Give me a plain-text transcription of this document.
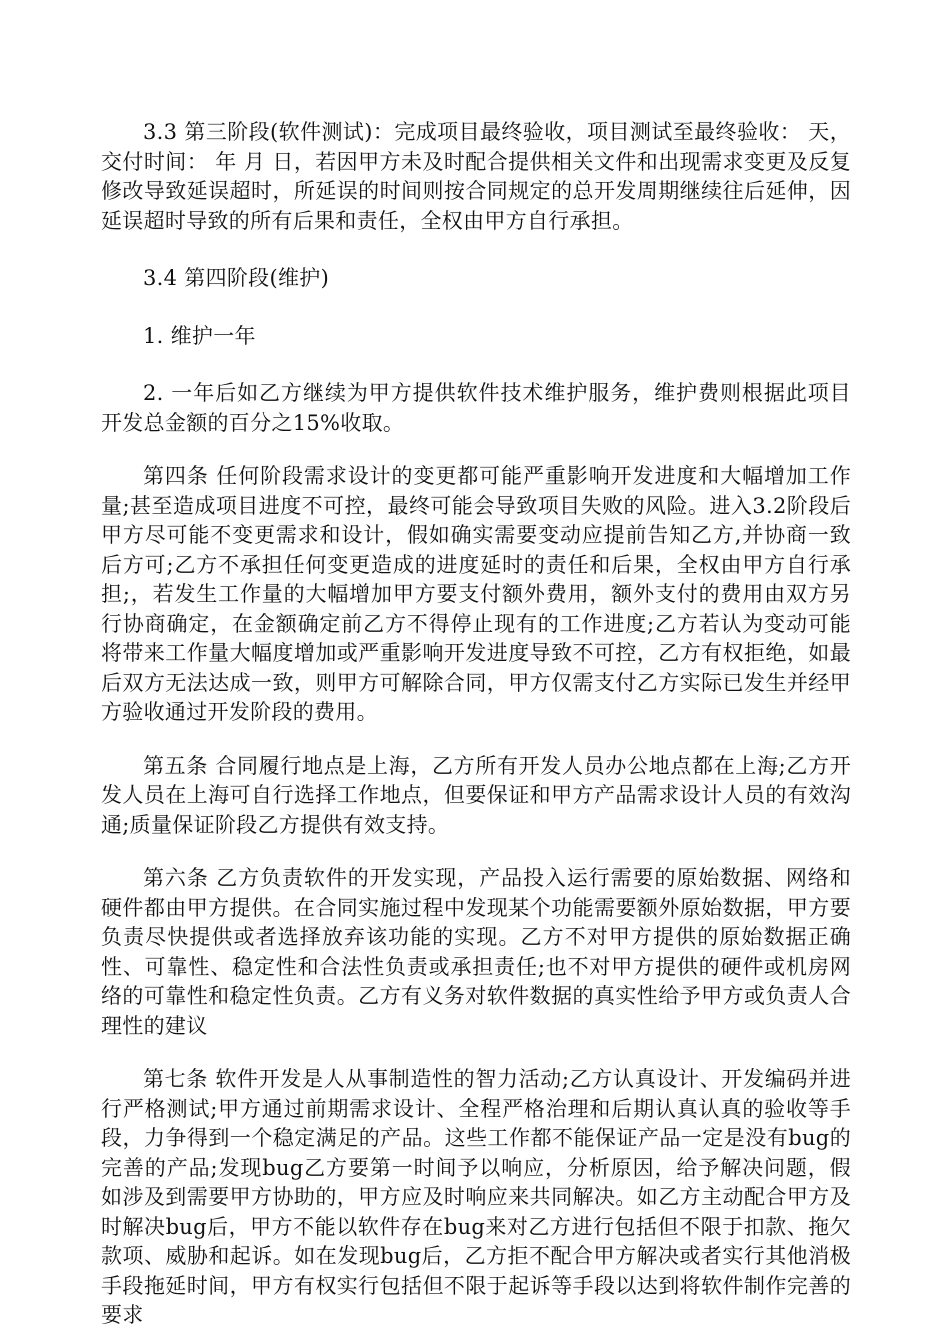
3.3 第三阶段(软件测试)：完成项目最终验收，项目测试至最终验收： 天，交付时间： 年 月 日，若因甲方未及时配合提供相关文件和出现需求变更及反复修改导致延误超时，所延误的时间则按合同规定的总开发周期继续往后延伸，因延误超时导致的所有后果和责任，全权由甲方自行承担。

3.4 第四阶段(维护)

1. 维护一年

2. 一年后如乙方继续为甲方提供软件技术维护服务，维护费则根据此项目开发总金额的百分之15%收取。

第四条 任何阶段需求设计的变更都可能严重影响开发进度和大幅增加工作量;甚至造成项目进度不可控，最终可能会导致项目失败的风险。进入3.2阶段后甲方尽可能不变更需求和设计，假如确实需要变动应提前告知乙方,并协商一致后方可;乙方不承担任何变更造成的进度延时的责任和后果，全权由甲方自行承担;，若发生工作量的大幅增加甲方要支付额外费用，额外支付的费用由双方另行协商确定，在金额确定前乙方不得停止现有的工作进度;乙方若认为变动可能将带来工作量大幅度增加或严重影响开发进度导致不可控，乙方有权拒绝，如最后双方无法达成一致，则甲方可解除合同，甲方仅需支付乙方实际已发生并经甲方验收通过开发阶段的费用。

第五条 合同履行地点是上海，乙方所有开发人员办公地点都在上海;乙方开发人员在上海可自行选择工作地点，但要保证和甲方产品需求设计人员的有效沟通;质量保证阶段乙方提供有效支持。

第六条 乙方负责软件的开发实现，产品投入运行需要的原始数据、网络和硬件都由甲方提供。在合同实施过程中发现某个功能需要额外原始数据，甲方要负责尽快提供或者选择放弃该功能的实现。乙方不对甲方提供的原始数据正确性、可靠性、稳定性和合法性负责或承担责任;也不对甲方提供的硬件或机房网络的可靠性和稳定性负责。乙方有义务对软件数据的真实性给予甲方或负责人合理性的建议

第七条 软件开发是人从事制造性的智力活动;乙方认真设计、开发编码并进行严格测试;甲方通过前期需求设计、全程严格治理和后期认真认真的验收等手段，力争得到一个稳定满足的产品。这些工作都不能保证产品一定是没有bug的完善的产品;发现bug乙方要第一时间予以响应，分析原因，给予解决问题，假如涉及到需要甲方协助的，甲方应及时响应来共同解决。如乙方主动配合甲方及时解决bug后，甲方不能以软件存在bug来对乙方进行包括但不限于扣款、拖欠款项、威胁和起诉。如在发现bug后，乙方拒不配合甲方解决或者实行其他消极手段拖延时间，甲方有权实行包括但不限于起诉等手段以达到将软件制作完善的要求
